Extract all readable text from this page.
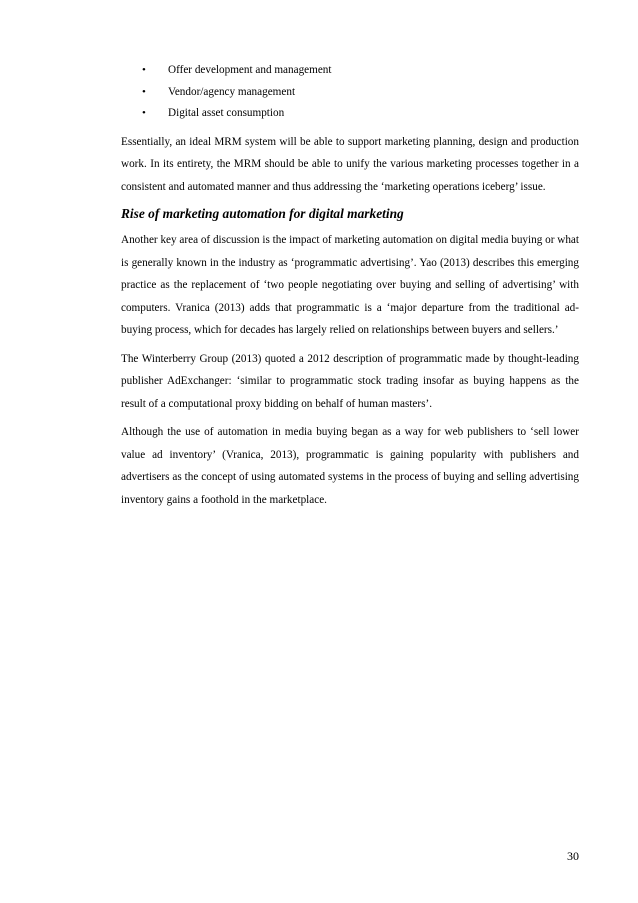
• Offer development and management
• Vendor/agency management
• Digital asset consumption

Essentially, an ideal MRM system will be able to support marketing planning, design and production work. In its entirety, the MRM should be able to unify the various marketing processes together in a consistent and automated manner and thus addressing the ‘marketing operations iceberg’ issue.

Rise of marketing automation for digital marketing

Another key area of discussion is the impact of marketing automation on digital media buying or what is generally known in the industry as ‘programmatic advertising’. Yao (2013) describes this emerging practice as the replacement of ‘two people negotiating over buying and selling of advertising’ with computers. Vranica (2013) adds that programmatic is a ‘major departure from the traditional ad-buying process, which for decades has largely relied on relationships between buyers and sellers.’

The Winterberry Group (2013) quoted a 2012 description of programmatic made by thought-leading publisher AdExchanger: ‘similar to programmatic stock trading insofar as buying happens as the result of a computational proxy bidding on behalf of human masters’.

Although the use of automation in media buying began as a way for web publishers to ‘sell lower value ad inventory’ (Vranica, 2013), programmatic is gaining popularity with publishers and advertisers as the concept of using automated systems in the process of buying and selling advertising inventory gains a foothold in the marketplace.

30
